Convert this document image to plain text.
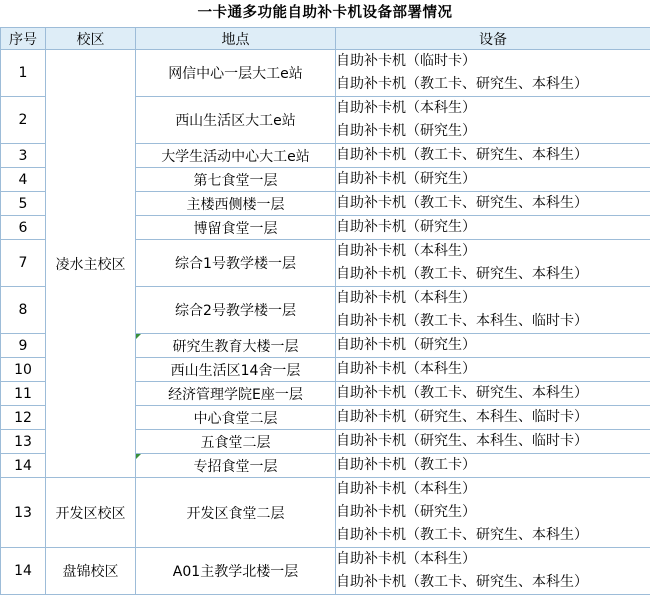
一卡通多功能自助补卡机设备部署情况
序号	校区	地点	设备
1	凌水主校区	网信中心一层大工e站	自助补卡机（临时卡）
自助补卡机（教工卡、研究生、本科生）

2		西山生活区大工e站	自助补卡机（本科生）
自助补卡机（研究生）

3		大学生活动中心大工e站	自助补卡机（教工卡、研究生、本科生）

4		第七食堂一层	自助补卡机（研究生）

5		主楼西侧楼一层	自助补卡机（教工卡、研究生、本科生）

6		博留食堂一层	自助补卡机（研究生）

7		综合1号教学楼一层	自助补卡机（本科生）
自助补卡机（教工卡、研究生、本科生）

8		综合2号教学楼一层	自助补卡机（本科生）
自助补卡机（教工卡、本科生、临时卡）

9		研究生教育大楼一层	自助补卡机（研究生）

10		西山生活区14舍一层	自助补卡机（本科生）

11		经济管理学院E座一层	自助补卡机（教工卡、研究生、本科生）

12		中心食堂二层	自助补卡机（研究生、本科生、临时卡）

13		五食堂二层	自助补卡机（研究生、本科生、临时卡）

14		专招食堂一层	自助补卡机（教工卡）

13	开发区校区	开发区食堂二层	自助补卡机（本科生）
自助补卡机（研究生）
自助补卡机（教工卡、研究生、本科生）

14	盘锦校区	A01主教学北楼一层	自助补卡机（本科生）
自助补卡机（教工卡、研究生、本科生）
